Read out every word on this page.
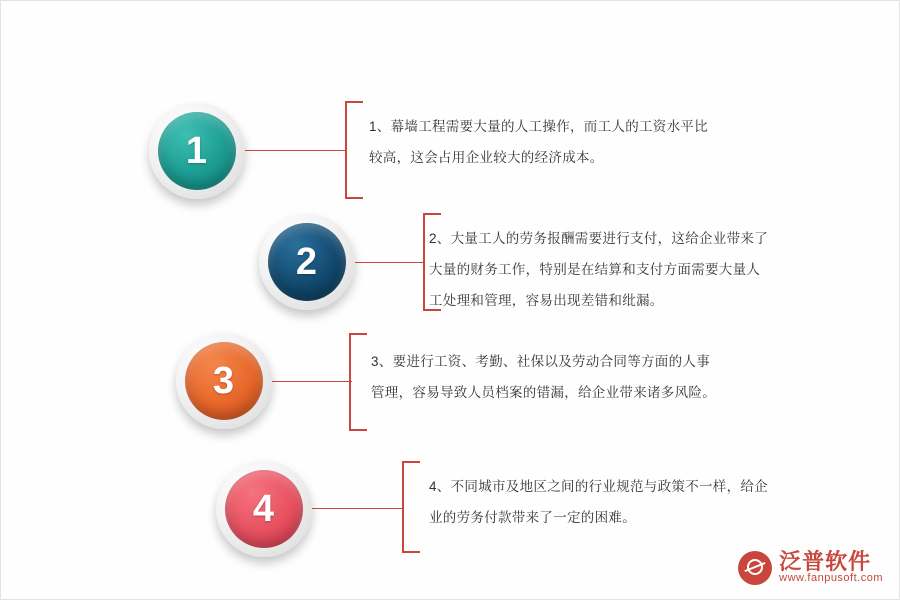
1

1、幕墙工程需要大量的人工操作，而工人的工资水平比

较高，这会占用企业较大的经济成本。

2

2、大量工人的劳务报酬需要进行支付，这给企业带来了

大量的财务工作，特别是在结算和支付方面需要大量人

工处理和管理，容易出现差错和纰漏。

3	3、要进行工资、考勤、社保以及劳动合同等方面的人事

管理，容易导致人员档案的错漏，给企业带来诸多风险。

4

4、不同城市及地区之间的行业规范与政策不一样，给企

业的劳务付款带来了一定的困难。

泛普软件
www.fanpusoft.com
